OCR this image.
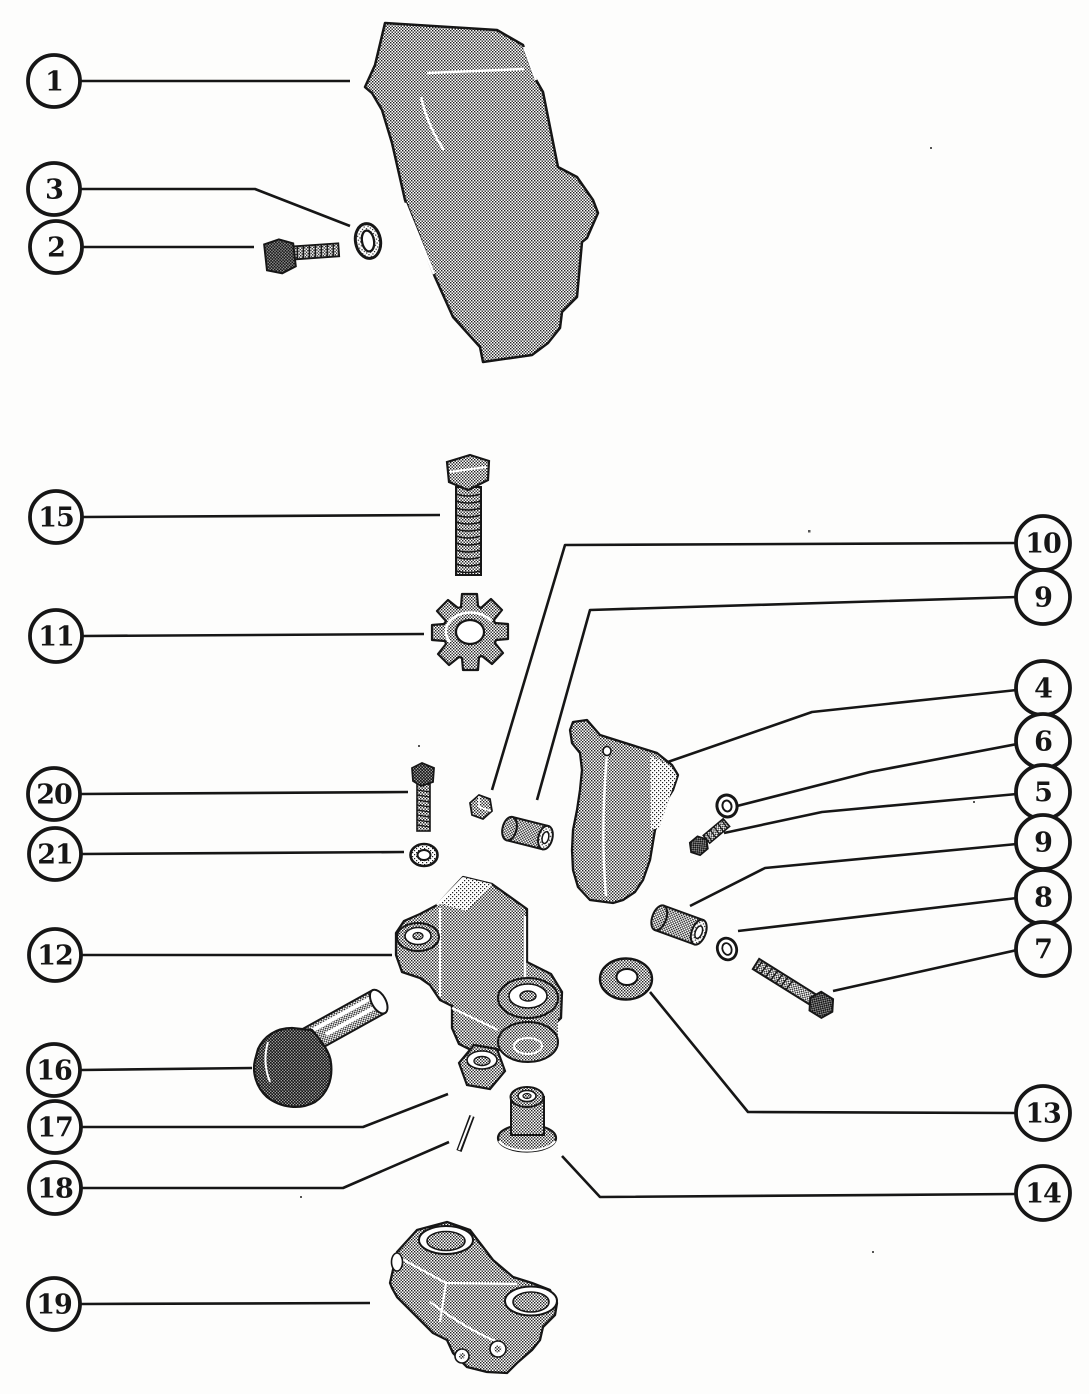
1
3
2
15
11
20
21
12
16
17
18
19
10
9
4
6
5
9
8
7
13
14
